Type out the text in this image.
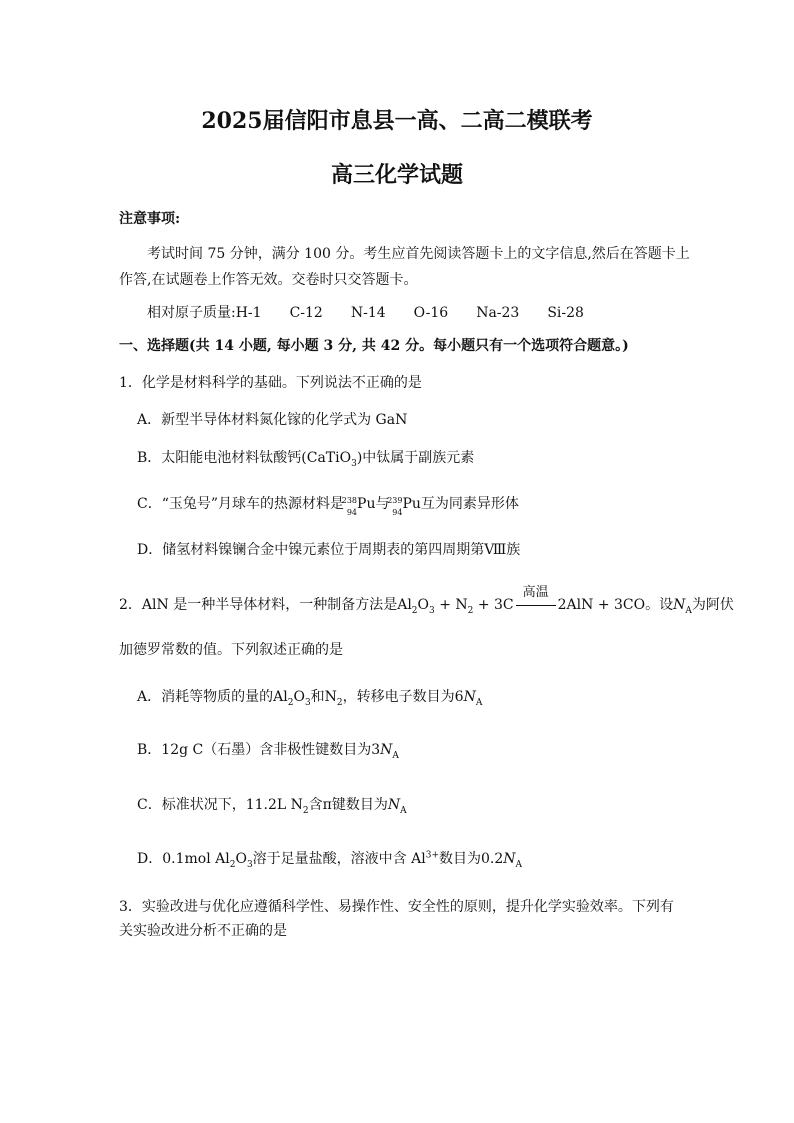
2025届信阳市息县一高、二高二模联考
高三化学试题
注意事项:
考试时间 75 分钟，满分 100 分。考生应首先阅读答题卡上的文字信息,然后在答题卡上
作答,在试题卷上作答无效。交卷时只交答题卡。
相对原子质量:H-1 C-12 N-14 O-16 Na-23 Si-28
一、选择题(共 14 小题, 每小题 3 分, 共 42 分。每小题只有一个选项符合题意。)
1．化学是材料科学的基础。下列说法不正确的是
A．新型半导体材料氮化镓的化学式为 GaN
B．太阳能电池材料钛酸钙(CaTiO$_3$)中钛属于副族元素
C．“玉兔号”月球车的热源材料是
238
94
Pu与
239
94
Pu互为同素异形体
D．储氢材料镍镧合金中镍元素位于周期表的第四周期第Ⅷ族
2．AlN 是一种半导体材料，一种制备方法是$Al_2O_3 + N_2 + 3C$
高温
2AlN + 3CO。设$N_A$为阿伏
加德罗常数的值。下列叙述正确的是
A．消耗等物质的量的$Al_2O_3$和$N_2$，转移电子数目为$6N_A$
B．12g C（石墨）含非极性键数目为$3N_A$
C．标准状况下，11.2L $N_2$含π键数目为$N_A$
D．0.1mol $Al_2O_3$溶于足量盐酸，溶液中含 $Al^{3+}$数目为$0.2N_A$
3．实验改进与优化应遵循科学性、易操作性、安全性的原则，提升化学实验效率。下列有
关实验改进分析不正确的是
